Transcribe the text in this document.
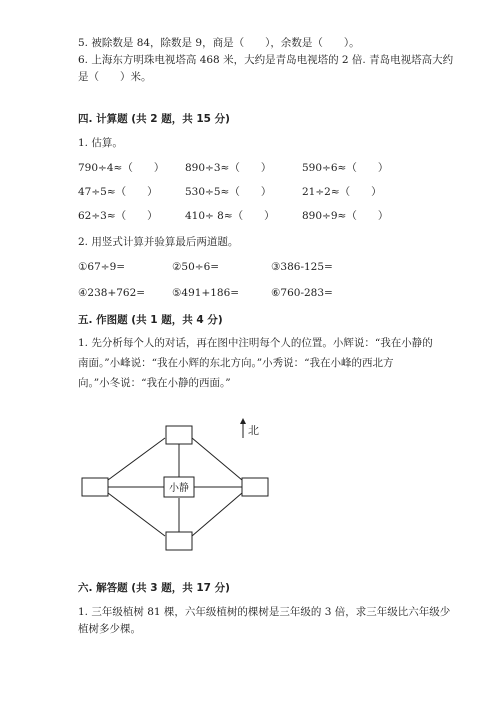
5. 被除数是 84，除数是 9，商是（　　），余数是（　　）。
6. 上海东方明珠电视塔高 468 米，大约是青岛电视塔的 2 倍. 青岛电视塔高大约
是（　　）米。
四. 计算题 (共 2 题，共 15 分)
1. 估算。
790÷4≈（　　） 890÷3≈（　　）	590÷6≈（　　）
47÷5≈（　　）	530÷5≈（　　）	21÷2≈（　　）
62÷3≈（　　）	410÷ 8≈（　　）	890÷9≈（　　）
2. 用竖式计算并验算最后两道题。
①67÷9=	②50÷6=	③386-125=
④238+762=	⑤491+186=	⑥760-283=
五. 作图题 (共 1 题，共 4 分)
1. 先分析每个人的对话，再在图中注明每个人的位置。小辉说：“我在小静的
南面。”小峰说：“我在小辉的东北方向。”小秀说：“我在小峰的西北方
向。”小冬说：“我在小静的西面。”
小静
北
六. 解答题 (共 3 题，共 17 分)
1. 三年级植树 81 棵，六年级植树的棵树是三年级的 3 倍，求三年级比六年级少
植树多少棵。
